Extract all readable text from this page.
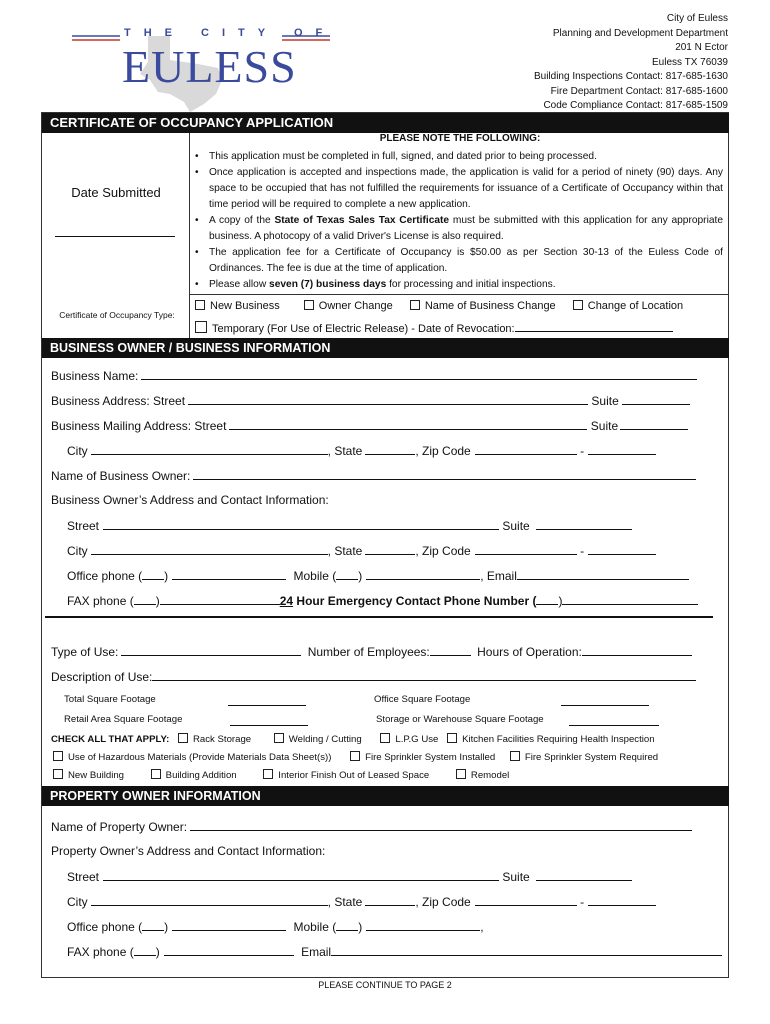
THE CITY OF
EULESS
City of Euless
Planning and Development Department
201 N Ector
Euless TX 76039
Building Inspections Contact: 817-685-1630
Fire Department Contact: 817-685-1600
Code Compliance Contact: 817-685-1509
CERTIFICATE OF OCCUPANCY APPLICATION
PLEASE NOTE THE FOLLOWING:
• This application must be completed in full, signed, and dated prior to being processed.
• Once application is accepted and inspections made, the application is valid for a period of ninety (90) days. Any space to be occupied that has not fulfilled the requirements for issuance of a Certificate of Occupancy within that time period will be required to complete a new application.
• A copy of the State of Texas Sales Tax Certificate must be submitted with this application for any appropriate business. A photocopy of a valid Driver's License is also required.
• The application fee for a Certificate of Occupancy is $50.00 as per Section 30-13 of the Euless Code of Ordinances. The fee is due at the time of application.
• Please allow seven (7) business days for processing and initial inspections.
Date Submitted
Certificate of Occupancy Type:
New Business	Owner Change	Name of Business Change	Change of Location
Temporary (For Use of Electric Release) - Date of Revocation:
BUSINESS OWNER / BUSINESS INFORMATION
Business Name:
Business Address: Street	Suite
Business Mailing Address: Street	Suite
City	, State	, Zip Code	-
Name of Business Owner:
Business Owner’s Address and Contact Information:
Street	Suite
City	, State	, Zip Code	-
Office phone ( )	Mobile ( )	, Email
FAX phone ( )	24 Hour Emergency Contact Phone Number ( )
Type of Use:	Number of Employees:	Hours of Operation:
Description of Use:
Total Square Footage	Office Square Footage
Retail Area Square Footage	Storage or Warehouse Square Footage
CHECK ALL THAT APPLY: Rack Storage	Welding / Cutting	L.P.G Use Kitchen Facilities Requiring Health Inspection
Use of Hazardous Materials (Provide Materials Data Sheet(s))	Fire Sprinkler System Installed	Fire Sprinkler System Required
New Building	Building Addition	Interior Finish Out of Leased Space	Remodel
PROPERTY OWNER INFORMATION
Name of Property Owner:
Property Owner’s Address and Contact Information:
Street	Suite
City	, State	, Zip Code	-
Office phone ( )	Mobile ( )	,
FAX phone ( )	Email
PLEASE CONTINUE TO PAGE 2
